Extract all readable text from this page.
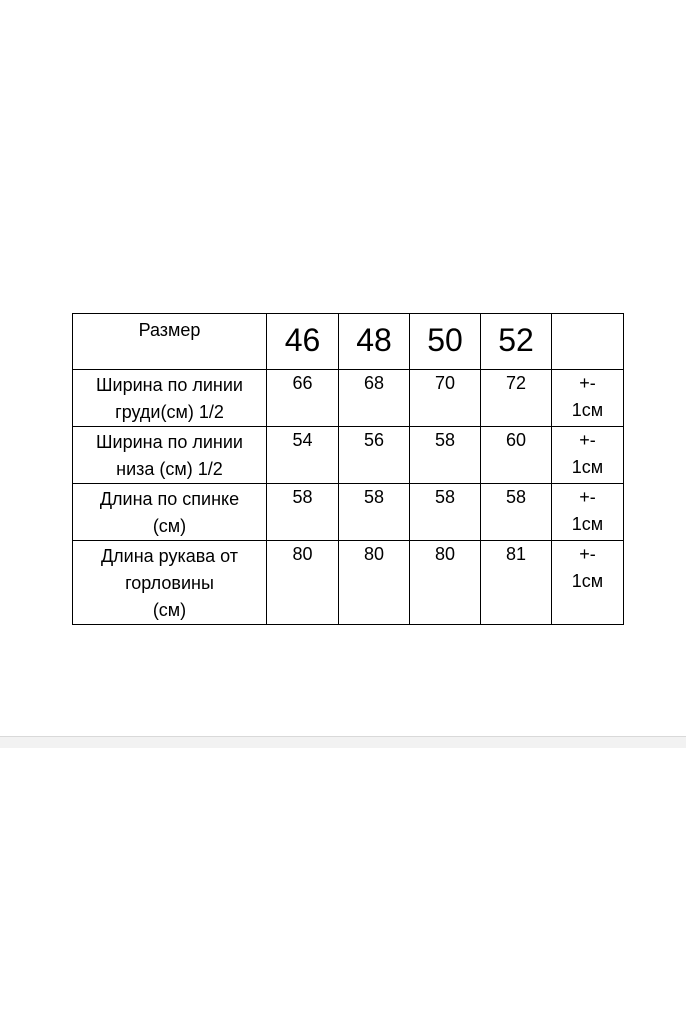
Размер	46	48	50	52	

Ширина по линии
груди(см) 1/2	66	68	70	72	+-
1см

Ширина по линии
низа (см) 1/2	54	56	58	60	+-
1см

Длина по спинке
(см)	58	58	58	58	+-
1см

Длина рукава от
горловины
(см)	80	80	80	81	+-
1см
